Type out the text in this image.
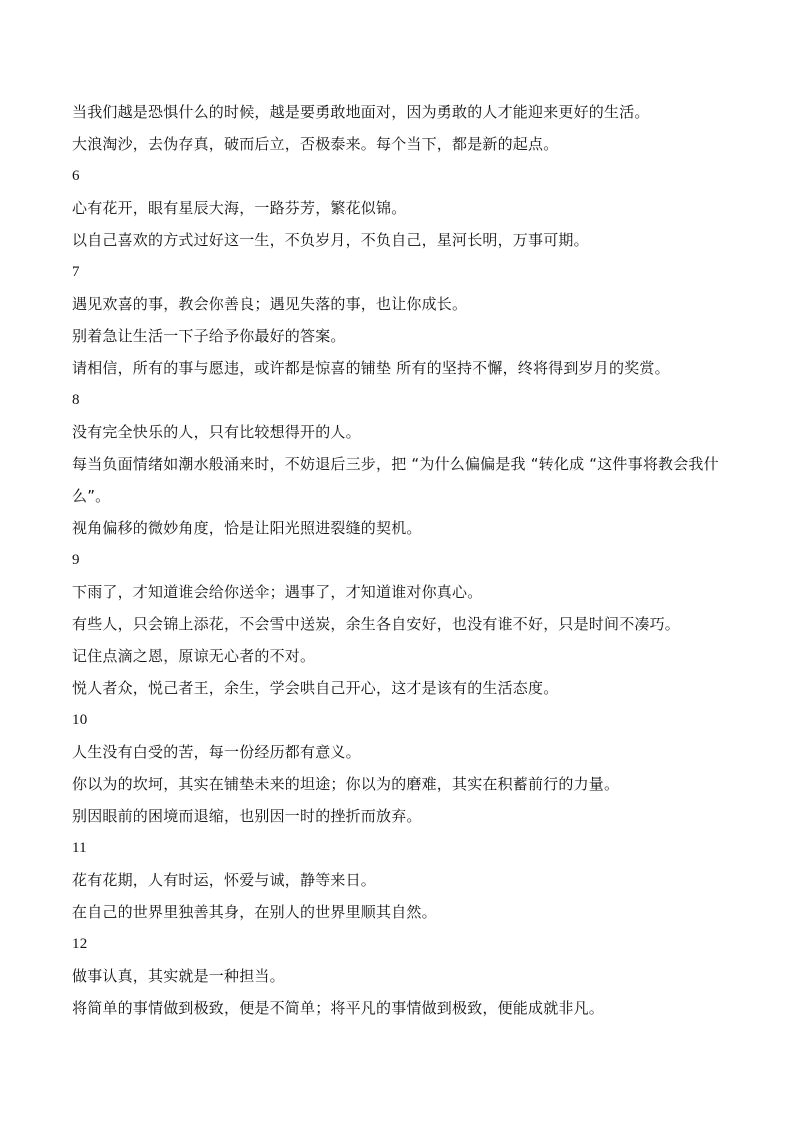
当我们越是恐惧什么的时候，越是要勇敢地面对，因为勇敢的人才能迎来更好的生活。

大浪淘沙，去伪存真，破而后立，否极泰来。每个当下，都是新的起点。

6

心有花开，眼有星辰大海，一路芬芳，繁花似锦。

以自己喜欢的方式过好这一生，不负岁月，不负自己，星河长明，万事可期。

7

遇见欢喜的事，教会你善良；遇见失落的事，也让你成长。

别着急让生活一下子给予你最好的答案。

请相信，所有的事与愿违，或许都是惊喜的铺垫 所有的坚持不懈，终将得到岁月的奖赏。

8

没有完全快乐的人，只有比较想得开的人。

每当负面情绪如潮水般涌来时，不妨退后三步，把 “为什么偏偏是我 “转化成 “这件事将教会我什么”。

视角偏移的微妙角度，恰是让阳光照进裂缝的契机。

9

下雨了，才知道谁会给你送伞；遇事了，才知道谁对你真心。

有些人，只会锦上添花，不会雪中送炭，余生各自安好，也没有谁不好，只是时间不凑巧。

记住点滴之恩，原谅无心者的不对。

悦人者众，悦己者王，余生，学会哄自己开心，这才是该有的生活态度。

10

人生没有白受的苦，每一份经历都有意义。

你以为的坎坷，其实在铺垫未来的坦途；你以为的磨难，其实在积蓄前行的力量。

别因眼前的困境而退缩，也别因一时的挫折而放弃。

11

花有花期，人有时运，怀爱与诚，静等来日。

在自己的世界里独善其身，在别人的世界里顺其自然。

12

做事认真，其实就是一种担当。

将简单的事情做到极致，便是不简单；将平凡的事情做到极致，便能成就非凡。
